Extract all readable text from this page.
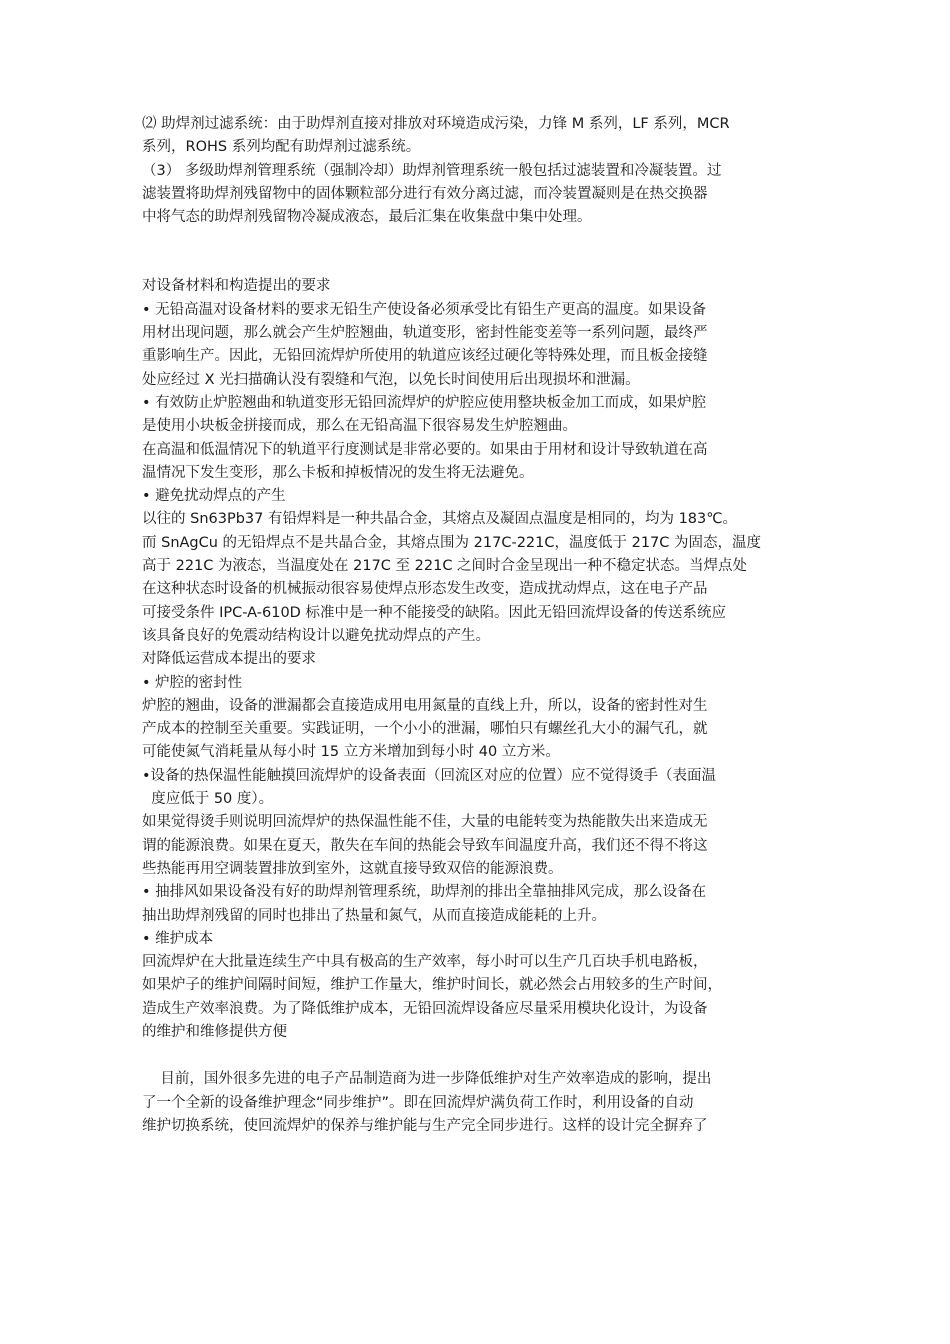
⑵ 助焊剂过滤系统：由于助焊剂直接对排放对环境造成污染，力锋 M 系列，LF 系列，MCR

系列，ROHS 系列均配有助焊剂过滤系统。

（3） 多级助焊剂管理系统（强制冷却）助焊剂管理系统一般包括过滤装置和冷凝装置。过

滤装置将助焊剂残留物中的固体颗粒部分进行有效分离过滤，而冷装置凝则是在热交换器

中将气态的助焊剂残留物冷凝成液态，最后汇集在收集盘中集中处理。

对设备材料和构造提出的要求

• 无铅高温对设备材料的要求无铅生产使设备必须承受比有铅生产更高的温度。如果设备

用材出现问题，那么就会产生炉腔翘曲，轨道变形，密封性能变差等一系列问题，最终严

重影响生产。因此，无铅回流焊炉所使用的轨道应该经过硬化等特殊处理，而且板金接缝

处应经过 X 光扫描确认没有裂缝和气泡，以免长时间使用后出现损坏和泄漏。

• 有效防止炉腔翘曲和轨道变形无铅回流焊炉的炉腔应使用整块板金加工而成，如果炉腔

是使用小块板金拼接而成，那么在无铅高温下很容易发生炉腔翘曲。

在高温和低温情况下的轨道平行度测试是非常必要的。如果由于用材和设计导致轨道在高

温情况下发生变形，那么卡板和掉板情况的发生将无法避免。

• 避免扰动焊点的产生

以往的 Sn63Pb37 有铅焊料是一种共晶合金，其熔点及凝固点温度是相同的，均为 183℃。

而 SnAgCu 的无铅焊点不是共晶合金，其熔点围为 217C-221C，温度低于 217C 为固态，温度

高于 221C 为液态，当温度处在 217C 至 221C 之间时合金呈现出一种不稳定状态。当焊点处

在这种状态时设备的机械振动很容易使焊点形态发生改变，造成扰动焊点，这在电子产品

可接受条件 IPC-A-610D 标准中是一种不能接受的缺陷。因此无铅回流焊设备的传送系统应

该具备良好的免震动结构设计以避免扰动焊点的产生。

对降低运营成本提出的要求

• 炉腔的密封性

炉腔的翘曲，设备的泄漏都会直接造成用电用氮量的直线上升，所以，设备的密封性对生

产成本的控制至关重要。实践证明，一个小小的泄漏，哪怕只有螺丝孔大小的漏气孔，就

可能使氮气消耗量从每小时 15 立方米增加到每小时 40 立方米。

•设备的热保温性能触摸回流焊炉的设备表面（回流区对应的位置）应不觉得烫手（表面温

度应低于 50 度）。

如果觉得烫手则说明回流焊炉的热保温性能不佳，大量的电能转变为热能散失出来造成无

谓的能源浪费。如果在夏天，散失在车间的热能会导致车间温度升高，我们还不得不将这

些热能再用空调装置排放到室外，这就直接导致双倍的能源浪费。

• 抽排风如果设备没有好的助焊剂管理系统，助焊剂的排出全靠抽排风完成，那么设备在

抽出助焊剂残留的同时也排出了热量和氮气，从而直接造成能耗的上升。

• 维护成本

回流焊炉在大批量连续生产中具有极高的生产效率，每小时可以生产几百块手机电路板，

如果炉子的维护间隔时间短，维护工作量大，维护时间长，就必然会占用较多的生产时间，

造成生产效率浪费。为了降低维护成本，无铅回流焊设备应尽量采用模块化设计，为设备

的维护和维修提供方便

目前，国外很多先进的电子产品制造商为进一步降低维护对生产效率造成的影响，提出

了一个全新的设备维护理念“同步维护”。即在回流焊炉满负荷工作时，利用设备的自动

维护切换系统，使回流焊炉的保养与维护能与生产完全同步进行。这样的设计完全摒弃了
